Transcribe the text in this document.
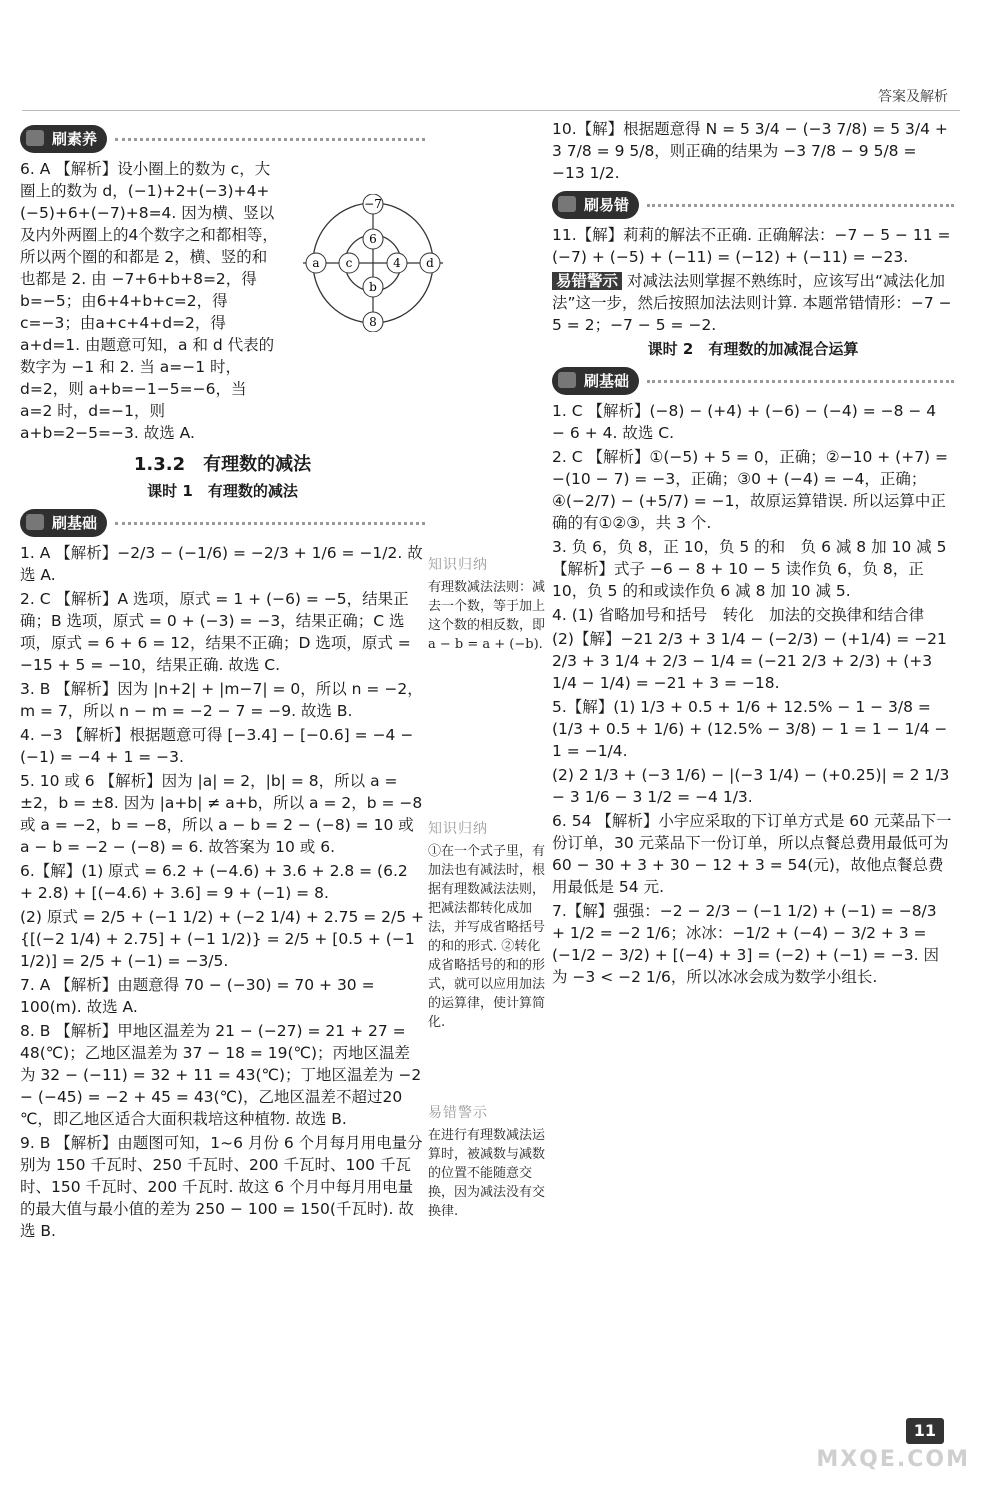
答案及解析
刷素养

6. A 【解析】设小圈上的数为 c，大圈上的数为 d，(−1)+2+(−3)+4+(−5)+6+(−7)+8=4. 因为横、竖以及内外两圈上的4个数字之和都相等，所以两个圈的和都是 2，横、竖的和也都是 2. 由 −7+6+b+8=2，得 b=−5；由6+4+b+c=2，得 c=−3；由a+c+4+d=2，得 a+d=1. 由题意可知，a 和 d 代表的数字为 −1 和 2. 当 a=−1 时，d=2，则 a+b=−1−5=−6，当 a=2 时，d=−1，则 a+b=2−5=−3. 故选 A.

−7
6
b
8
a c	4 d
1.3.2　有理数的减法
课时 1　有理数的减法
刷基础

1. A 【解析】−2/3 − (−1/6) = −2/3 + 1/6 = −1/2. 故选 A.

2. C 【解析】A 选项，原式 = 1 + (−6) = −5，结果正确；B 选项，原式 = 0 + (−3) = −3，结果正确；C 选项，原式 = 6 + 6 = 12，结果不正确；D 选项，原式 = −15 + 5 = −10，结果正确. 故选 C.

3. B 【解析】因为 |n+2| + |m−7| = 0，所以 n = −2，m = 7，所以 n − m = −2 − 7 = −9. 故选 B.

4. −3 【解析】根据题意可得 [−3.4] − [−0.6] = −4 − (−1) = −4 + 1 = −3.

5. 10 或 6 【解析】因为 |a| = 2，|b| = 8，所以 a = ±2，b = ±8. 因为 |a+b| ≠ a+b，所以 a = 2，b = −8 或 a = −2，b = −8，所以 a − b = 2 − (−8) = 10 或 a − b = −2 − (−8) = 6. 故答案为 10 或 6.

6.【解】(1) 原式 = 6.2 + (−4.6) + 3.6 + 2.8 = (6.2 + 2.8) + [(−4.6) + 3.6] = 9 + (−1) = 8.

(2) 原式 = 2/5 + (−1 1/2) + (−2 1/4) + 2.75 = 2/5 + {[(−2 1/4) + 2.75] + (−1 1/2)} = 2/5 + [0.5 + (−1 1/2)] = 2/5 + (−1) = −3/5.

7. A 【解析】由题意得 70 − (−30) = 70 + 30 = 100(m). 故选 A.

8. B 【解析】甲地区温差为 21 − (−27) = 21 + 27 = 48(℃)；乙地区温差为 37 − 18 = 19(℃)；丙地区温差为 32 − (−11) = 32 + 11 = 43(℃)；丁地区温差为 −2 − (−45) = −2 + 45 = 43(℃)，乙地区温差不超过20 ℃，即乙地区适合大面积栽培这种植物. 故选 B.

9. B 【解析】由题图可知，1~6 月份 6 个月每月用电量分别为 150 千瓦时、250 千瓦时、200 千瓦时、100 千瓦时、150 千瓦时、200 千瓦时. 故这 6 个月中每月用电量的最大值与最小值的差为 250 − 100 = 150(千瓦时). 故选 B.

知识归纳
有理数减法法则：减去一个数，等于加上这个数的相反数，即 a − b = a + (−b).
知识归纳
①在一个式子里，有加法也有减法时，根据有理数减法法则，把减法都转化成加法，并写成省略括号的和的形式. ②转化成省略括号的和的形式，就可以应用加法的运算律，使计算简化.
易错警示
在进行有理数减法运算时，被减数与减数的位置不能随意交换，因为减法没有交换律.

10.【解】根据题意得 N = 5 3/4 − (−3 7/8) = 5 3/4 + 3 7/8 = 9 5/8，则正确的结果为 −3 7/8 − 9 5/8 = −13 1/2.

刷易错

11.【解】莉莉的解法不正确. 正确解法：−7 − 5 − 11 = (−7) + (−5) + (−11) = (−12) + (−11) = −23.

易错警示 对减法法则掌握不熟练时，应该写出“减法化加法”这一步，然后按照加法法则计算. 本题常错情形：−7 − 5 = 2；−7 − 5 = −2.

课时 2　有理数的加减混合运算
刷基础

1. C 【解析】(−8) − (+4) + (−6) − (−4) = −8 − 4 − 6 + 4. 故选 C.

2. C 【解析】①(−5) + 5 = 0，正确；②−10 + (+7) = −(10 − 7) = −3，正确；③0 + (−4) = −4，正确；④(−2/7) − (+5/7) = −1，故原运算错误. 所以运算中正确的有①②③，共 3 个.

3. 负 6，负 8，正 10，负 5 的和　负 6 减 8 加 10 减 5 【解析】式子 −6 − 8 + 10 − 5 读作负 6，负 8，正 10，负 5 的和或读作负 6 减 8 加 10 减 5.

4. (1) 省略加号和括号　转化　加法的交换律和结合律

(2)【解】−21 2/3 + 3 1/4 − (−2/3) − (+1/4) = −21 2/3 + 3 1/4 + 2/3 − 1/4 = (−21 2/3 + 2/3) + (+3 1/4 − 1/4) = −21 + 3 = −18.

5.【解】(1) 1/3 + 0.5 + 1/6 + 12.5% − 1 − 3/8 = (1/3 + 0.5 + 1/6) + (12.5% − 3/8) − 1 = 1 − 1/4 − 1 = −1/4.

(2) 2 1/3 + (−3 1/6) − |(−3 1/4) − (+0.25)| = 2 1/3 − 3 1/6 − 3 1/2 = −4 1/3.

6. 54 【解析】小宇应采取的下订单方式是 60 元菜品下一份订单，30 元菜品下一份订单，所以点餐总费用最低可为 60 − 30 + 3 + 30 − 12 + 3 = 54(元)，故他点餐总费用最低是 54 元.

7.【解】强强：−2 − 2/3 − (−1 1/2) + (−1) = −8/3 + 1/2 = −2 1/6；冰冰：−1/2 + (−4) − 3/2 + 3 = (−1/2 − 3/2) + [(−4) + 3] = (−2) + (−1) = −3. 因为 −3 < −2 1/6，所以冰冰会成为数学小组长.

11
MXQE.COM
